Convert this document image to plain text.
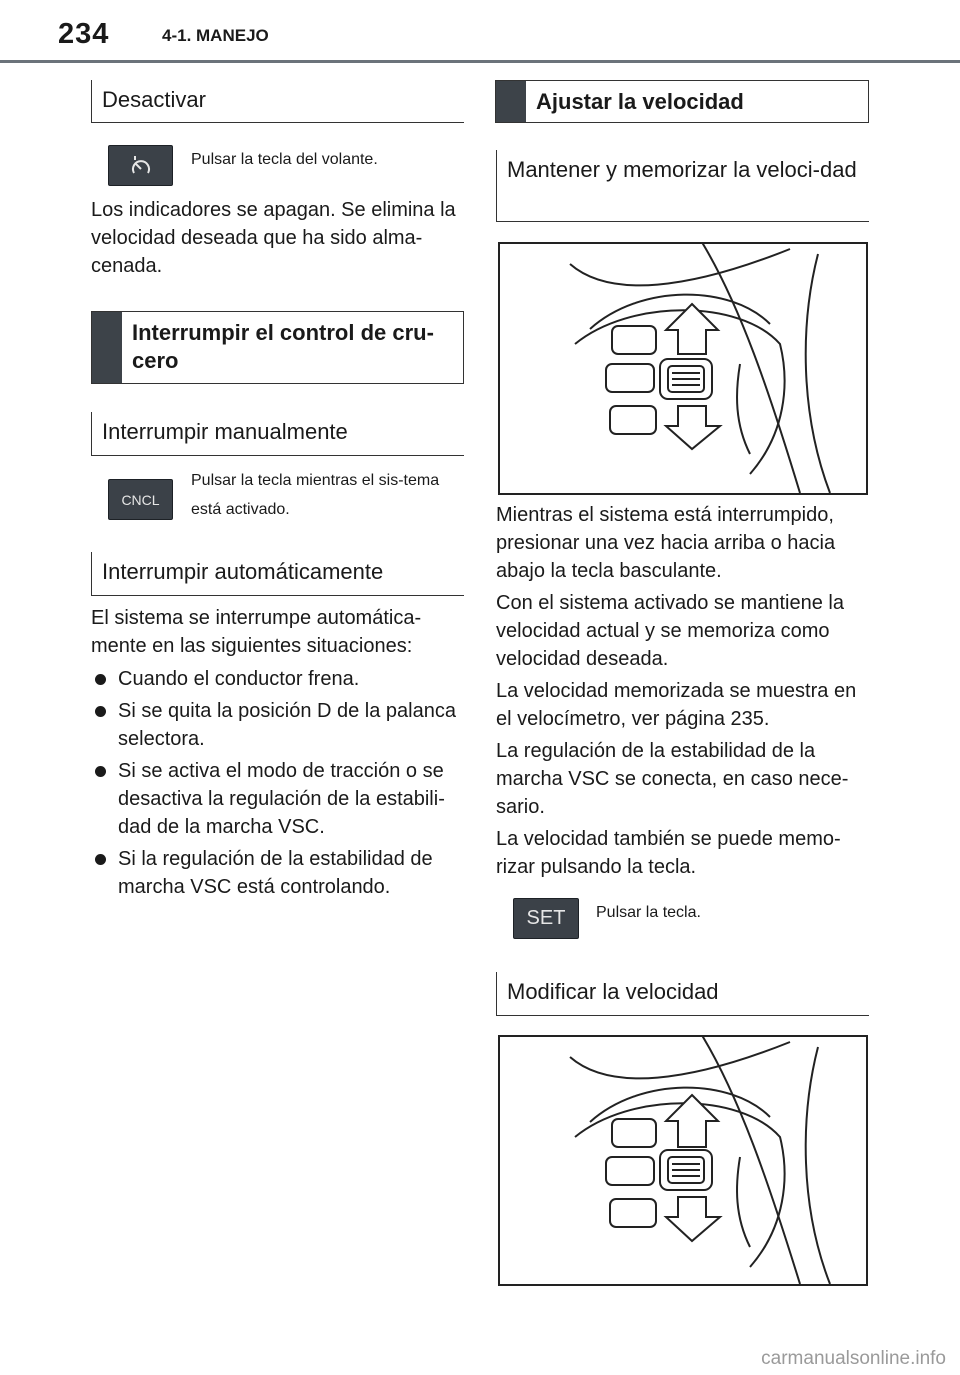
234	4-1. MANEJO
Desactivar
Pulsar la tecla del volante.
Los indicadores se apagan. Se elimina la velocidad deseada que ha sido alma-cenada.
Interrumpir el control de cru-cero
Interrumpir manualmente
CNCL
Pulsar la tecla mientras el sis-tema está activado.
Interrumpir automáticamente
El sistema se interrumpe automática-mente en las siguientes situaciones:
Cuando el conductor frena.
Si se quita la posición D de la palanca selectora.
Si se activa el modo de tracción o se desactiva la regulación de la estabili-dad de la marcha VSC.
Si la regulación de la estabilidad de marcha VSC está controlando.
Ajustar la velocidad
Mantener y memorizar la veloci-dad
Mientras el sistema está interrumpido, presionar una vez hacia arriba o hacia abajo la tecla basculante.
Con el sistema activado se mantiene la velocidad actual y se memoriza como velocidad deseada.
La velocidad memorizada se muestra en el velocímetro, ver página 235.
La regulación de la estabilidad de la marcha VSC se conecta, en caso nece-sario.
La velocidad también se puede memo-rizar pulsando la tecla.
SET	Pulsar la tecla.
Modificar la velocidad
carmanualsonline.info
